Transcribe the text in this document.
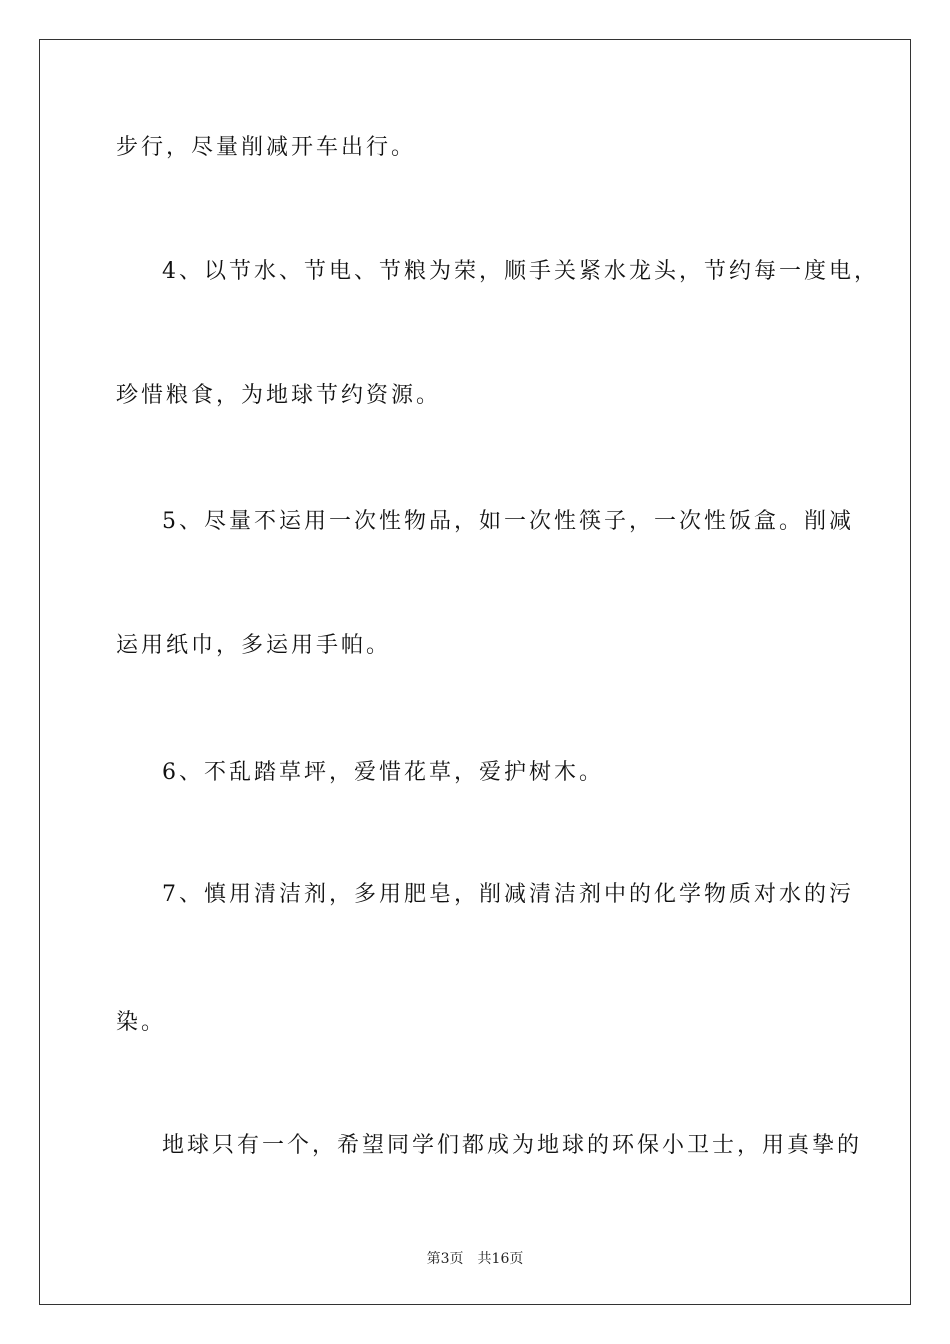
步行，尽量削减开车出行。
4、以节水、节电、节粮为荣，顺手关紧水龙头，节约每一度电，
珍惜粮食，为地球节约资源。
5、尽量不运用一次性物品，如一次性筷子，一次性饭盒。削减
运用纸巾，多运用手帕。
6、不乱踏草坪，爱惜花草，爱护树木。
7、慎用清洁剂，多用肥皂，削减清洁剂中的化学物质对水的污
染。
地球只有一个，希望同学们都成为地球的环保小卫士，用真挚的
第3页　共16页
